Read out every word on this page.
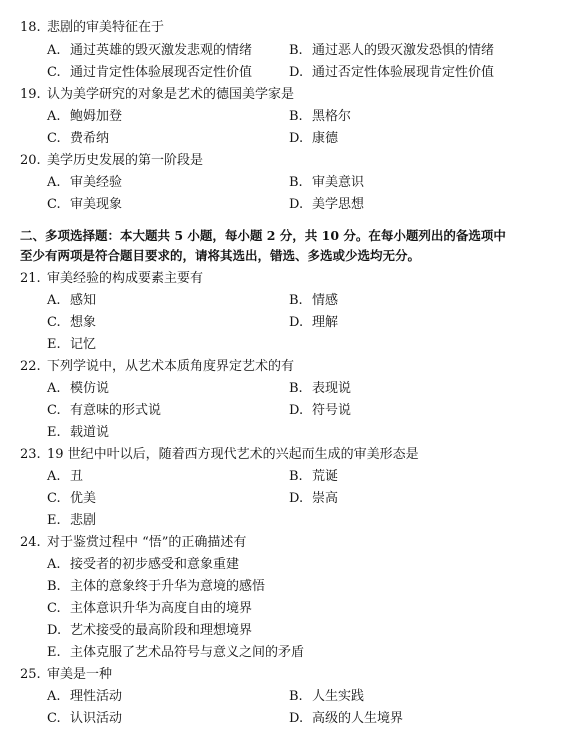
18. 悲剧的审美特征在于
A. 通过英雄的毁灭激发悲观的情绪	B. 通过恶人的毁灭激发恐惧的情绪
C. 通过肯定性体验展现否定性价值	D. 通过否定性体验展现肯定性价值
19. 认为美学研究的对象是艺术的德国美学家是
A. 鲍姆加登	B. 黑格尔
C. 费希纳	D. 康德
20. 美学历史发展的第一阶段是
A. 审美经验	B. 审美意识
C. 审美现象	D. 美学思想
二、多项选择题：本大题共 5 小题，每小题 2 分，共 10 分。在每小题列出的备选项中
至少有两项是符合题目要求的，请将其选出，错选、多选或少选均无分。
21. 审美经验的构成要素主要有
A. 感知	B. 情感
C. 想象	D. 理解
E. 记忆
22. 下列学说中，从艺术本质角度界定艺术的有
A. 模仿说	B. 表现说
C. 有意味的形式说	D. 符号说
E. 载道说
23. 19 世纪中叶以后，随着西方现代艺术的兴起而生成的审美形态是
A. 丑	B. 荒诞
C. 优美	D. 崇高
E. 悲剧
24. 对于鉴赏过程中 “悟”的正确描述有
A. 接受者的初步感受和意象重建
B. 主体的意象终于升华为意境的感悟
C. 主体意识升华为高度自由的境界
D. 艺术接受的最高阶段和理想境界
E. 主体克服了艺术品符号与意义之间的矛盾
25. 审美是一种
A. 理性活动	B. 人生实践
C. 认识活动	D. 高级的人生境界
